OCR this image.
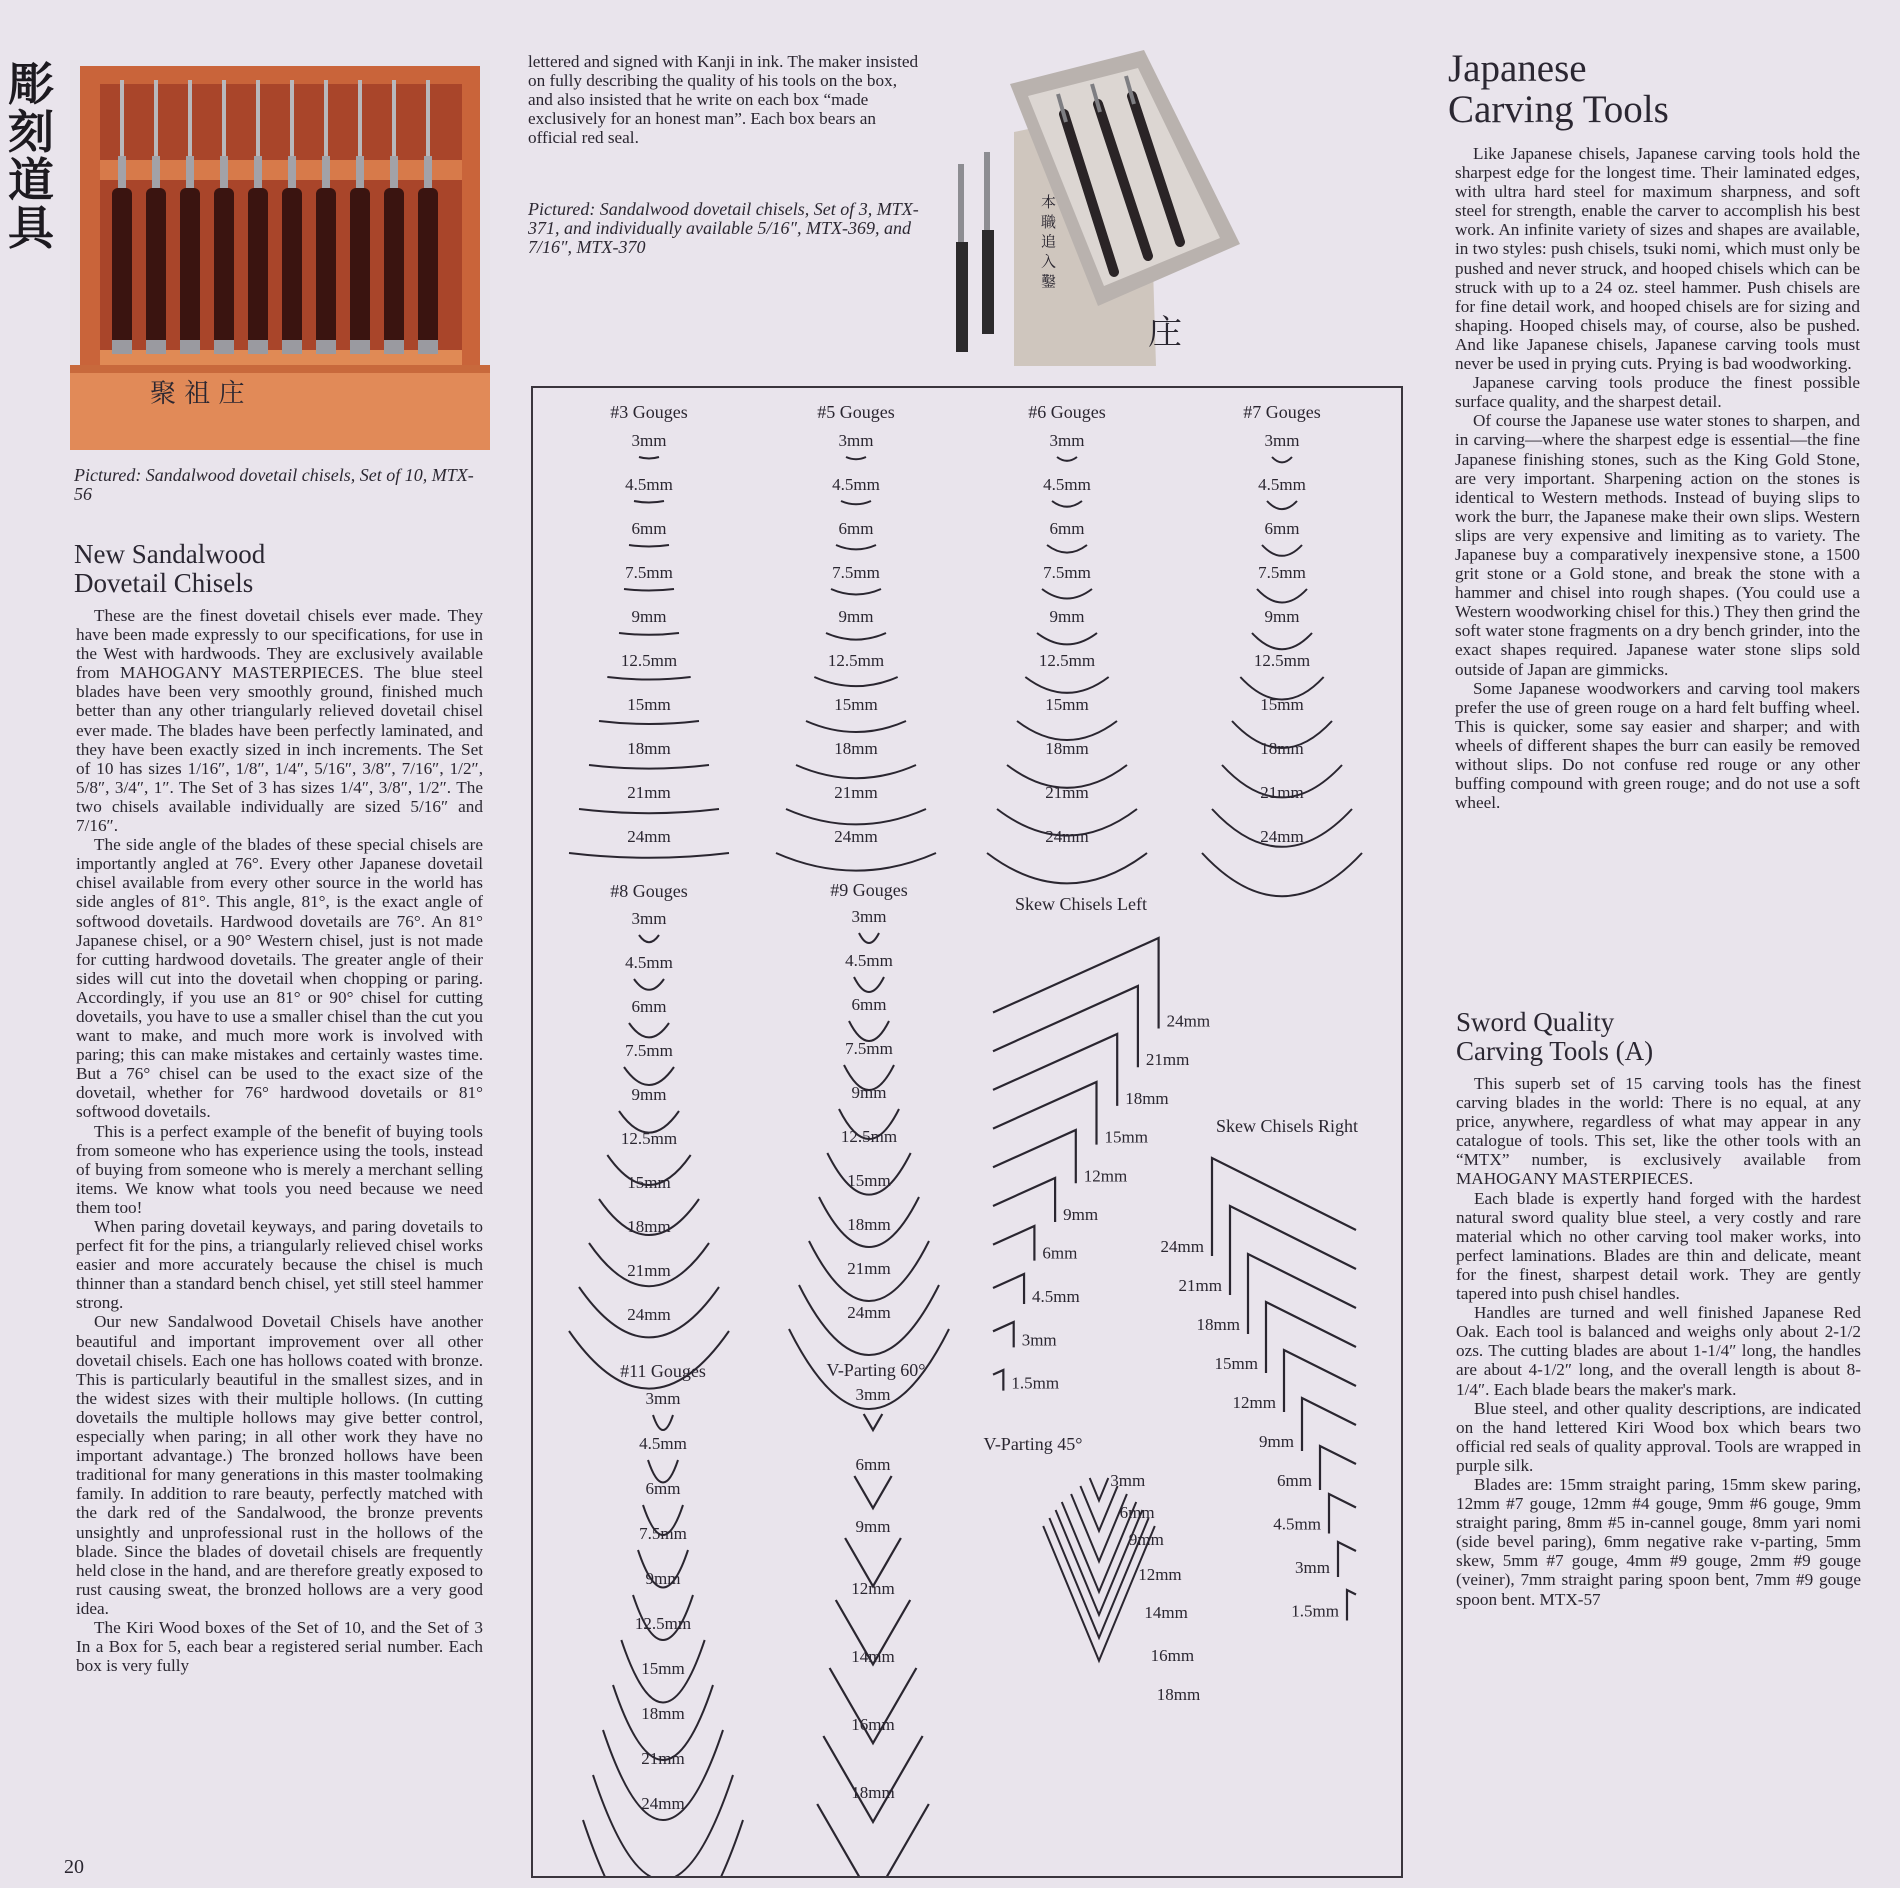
彫
刻
道
具
聚 祖 庄
Pictured: Sandalwood dovetail chisels, Set of 10, MTX-56
lettered and signed with Kanji in ink. The maker insisted on fully describing the quality of his tools on the box, and also insisted that he write on each box “made exclusively for an honest man”. Each box bears an official red seal.
Pictured: Sandalwood dovetail chisels, Set of 3, MTX-371, and individually available 5/16″, MTX-369, and 7/16″, MTX-370	本 職 追 入 鑿
庄
New Sandalwood
Dovetail Chisels

These are the finest dovetail chisels ever made. They have been made expressly to our specifications, for use in the West with hardwoods. They are exclusively available from MAHOGANY MASTERPIECES. The blue steel blades have been very smoothly ground, finished much better than any other triangularly relieved dovetail chisel ever made. The blades have been perfectly laminated, and they have been exactly sized in inch increments. The Set of 10 has sizes 1/16″, 1/8″, 1/4″, 5/16″, 3/8″, 7/16″, 1/2″, 5/8″, 3/4″, 1″. The Set of 3 has sizes 1/4″, 3/8″, 1/2″. The two chisels available individually are sized 5/16″ and 7/16″.

The side angle of the blades of these special chisels are importantly angled at 76°. Every other Japanese dovetail chisel available from every other source in the world has side angles of 81°. This angle, 81°, is the exact angle of softwood dovetails. Hardwood dovetails are 76°. An 81° Japanese chisel, or a 90° Western chisel, just is not made for cutting hardwood dovetails. The greater angle of their sides will cut into the dovetail when chopping or paring. Accordingly, if you use an 81° or 90° chisel for cutting dovetails, you have to use a smaller chisel than the cut you want to make, and much more work is involved with paring; this can make mistakes and certainly wastes time. But a 76° chisel can be used to the exact size of the dovetail, whether for 76° hardwood dovetails or 81° softwood dovetails.

This is a perfect example of the benefit of buying tools from someone who has experience using the tools, instead of buying from someone who is merely a merchant selling items. We know what tools you need because we need them too!

When paring dovetail keyways, and paring dovetails to perfect fit for the pins, a triangularly relieved chisel works easier and more accurately because the chisel is much thinner than a standard bench chisel, yet still steel hammer strong.

Our new Sandalwood Dovetail Chisels have another beautiful and important improvement over all other dovetail chisels. Each one has hollows coated with bronze. This is particularly beautiful in the smallest sizes, and in the widest sizes with their multiple hollows. (In cutting dovetails the multiple hollows may give better control, especially when paring; in all other work they have no important advantage.) The bronzed hollows have been traditional for many generations in this master toolmaking family. In addition to rare beauty, perfectly matched with the dark red of the Sandalwood, the bronze prevents unsightly and unprofessional rust in the hollows of the blade. Since the blades of dovetail chisels are frequently held close in the hand, and are therefore greatly exposed to rust causing sweat, the bronzed hollows are a very good idea.

The Kiri Wood boxes of the Set of 10, and the Set of 3 In a Box for 5, each bear a registered serial number. Each box is very fully

20
Japanese
Carving Tools

Like Japanese chisels, Japanese carving tools hold the sharpest edge for the longest time. Their laminated edges, with ultra hard steel for maximum sharpness, and soft steel for strength, enable the carver to accomplish his best work. An infinite variety of sizes and shapes are available, in two styles: push chisels, tsuki nomi, which must only be pushed and never struck, and hooped chisels which can be struck with up to a 24 oz. steel hammer. Push chisels are for fine detail work, and hooped chisels are for sizing and shaping. Hooped chisels may, of course, also be pushed. And like Japanese chisels, Japanese carving tools must never be used in prying cuts. Prying is bad woodworking.

Japanese carving tools produce the finest possible surface quality, and the sharpest detail.

Of course the Japanese use water stones to sharpen, and in carving—where the sharpest edge is essential—the fine Japanese finishing stones, such as the King Gold Stone, are very important. Sharpening action on the stones is identical to Western methods. Instead of buying slips to work the burr, the Japanese make their own slips. Western slips are very expensive and limiting as to variety. The Japanese buy a comparatively inexpensive stone, a 1500 grit stone or a Gold stone, and break the stone with a hammer and chisel into rough shapes. (You could use a Western woodworking chisel for this.) They then grind the soft water stone fragments on a dry bench grinder, into the exact shapes required. Japanese water stone slips sold outside of Japan are gimmicks.

Some Japanese woodworkers and carving tool makers prefer the use of green rouge on a hard felt buffing wheel. This is quicker, some say easier and sharper; and with wheels of different shapes the burr can easily be removed without slips. Do not confuse red rouge or any other buffing compound with green rouge; and do not use a soft wheel.

Sword Quality
Carving Tools (A)

This superb set of 15 carving tools has the finest carving blades in the world: There is no equal, at any price, anywhere, regardless of what may appear in any catalogue of tools. This set, like the other tools with an “MTX” number, is exclusively available from MAHOGANY MASTERPIECES.

Each blade is expertly hand forged with the hardest natural sword quality blue steel, a very costly and rare material which no other carving tool maker works, into perfect laminations. Blades are thin and delicate, meant for the finest, sharpest detail work. They are gently tapered into push chisel handles.

Handles are turned and well finished Japanese Red Oak. Each tool is balanced and weighs only about 2-1/2 ozs. The cutting blades are about 1-1/4″ long, the handles are about 4-1/2″ long, and the overall length is about 8-1/4″. Each blade bears the maker's mark.

Blue steel, and other quality descriptions, are indicated on the hand lettered Kiri Wood box which bears two official red seals of quality approval. Tools are wrapped in purple silk.

Blades are: 15mm straight paring, 15mm skew paring, 12mm #7 gouge, 12mm #4 gouge, 9mm #6 gouge, 9mm straight paring, 8mm #5 in-cannel gouge, 8mm yari nomi (side bevel paring), 6mm negative rake v-parting, 5mm skew, 5mm #7 gouge, 4mm #9 gouge, 2mm #9 gouge (veiner), 7mm straight paring spoon bent, 7mm #9 gouge spoon bent. MTX-57

#3 Gouges
3mm
4.5mm
6mm
7.5mm
9mm
12.5mm
15mm
18mm
21mm
24mm
#5 Gouges
3mm
4.5mm
6mm
7.5mm
9mm
12.5mm
15mm
18mm
21mm
24mm
#6 Gouges
3mm
4.5mm
6mm
7.5mm
9mm
12.5mm
15mm
18mm
21mm
24mm
#7 Gouges
3mm
4.5mm
6mm
7.5mm
9mm
12.5mm
15mm
18mm
21mm
24mm
#8 Gouges
3mm
4.5mm
6mm
7.5mm
9mm
12.5mm
15mm
18mm
21mm
24mm
#9 Gouges
3mm
4.5mm
6mm
7.5mm
9mm
12.5mm
15mm
18mm
21mm
24mm
#11 Gouges
3mm
4.5mm
6mm
7.5mm
9mm
12.5mm
15mm
18mm
21mm
24mm
V-Parting 60°
3mm
6mm
9mm
12mm
14mm
16mm
18mm
V-Parting 45°
3mm
6mm
9mm
12mm
14mm
16mm
18mm
Skew Chisels Left
24mm
21mm
18mm
15mm
12mm
9mm
6mm
4.5mm
3mm
1.5mm
Skew Chisels Right
24mm
21mm
18mm
15mm
12mm
9mm
6mm
4.5mm
3mm
1.5mm
